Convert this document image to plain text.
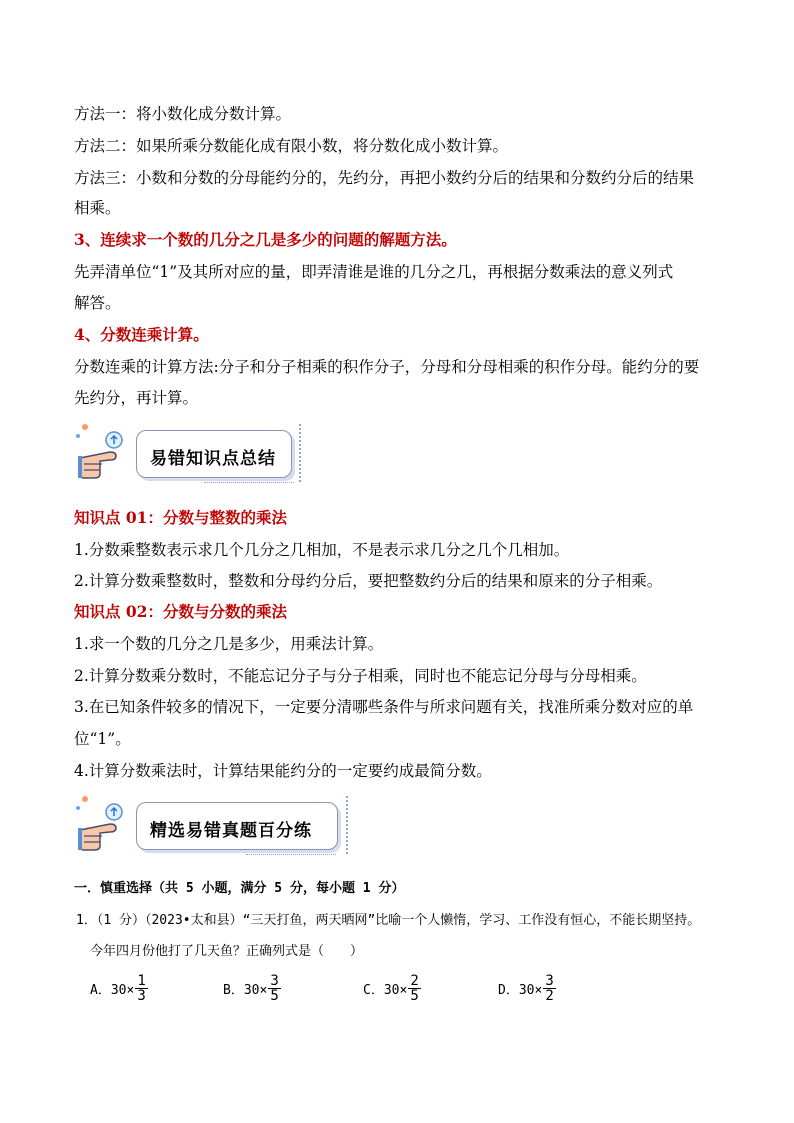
方法一：将小数化成分数计算。
方法二：如果所乘分数能化成有限小数，将分数化成小数计算。
方法三：小数和分数的分母能约分的，先约分，再把小数约分后的结果和分数约分后的结果
相乘。
3、连续求一个数的几分之几是多少的问题的解题方法。
先弄清单位“1”及其所对应的量，即弄清谁是谁的几分之几，再根据分数乘法的意义列式
解答。
4、分数连乘计算。
分数连乘的计算方法:分子和分子相乘的积作分子，分母和分母相乘的积作分母。能约分的要
先约分，再计算。
易错知识点总结
知识点 01：分数与整数的乘法
1.分数乘整数表示求几个几分之几相加，不是表示求几分之几个几相加。
2.计算分数乘整数时，整数和分母约分后，要把整数约分后的结果和原来的分子相乘。
知识点 02：分数与分数的乘法
1.求一个数的几分之几是多少，用乘法计算。
2.计算分数乘分数时，不能忘记分子与分子相乘，同时也不能忘记分母与分母相乘。
3.在已知条件较多的情况下，一定要分清哪些条件与所求问题有关，找准所乘分数对应的单
位“1”。
4.计算分数乘法时，计算结果能约分的一定要约成最简分数。
精选易错真题百分练
一．慎重选择（共 5 小题，满分 5 分，每小题 1 分）
1．（1 分）（2023•太和县）“三天打鱼，两天晒网”比喻一个人懒惰，学习、工作没有恒心，不能长期坚持。
今年四月份他打了几天鱼？正确列式是（　　）
A．$30\times \frac{1}{3}$	B．$30\times \frac{3}{5}$	C．$30\times \frac{2}{5}$	D．$30\times \frac{3}{2}$
